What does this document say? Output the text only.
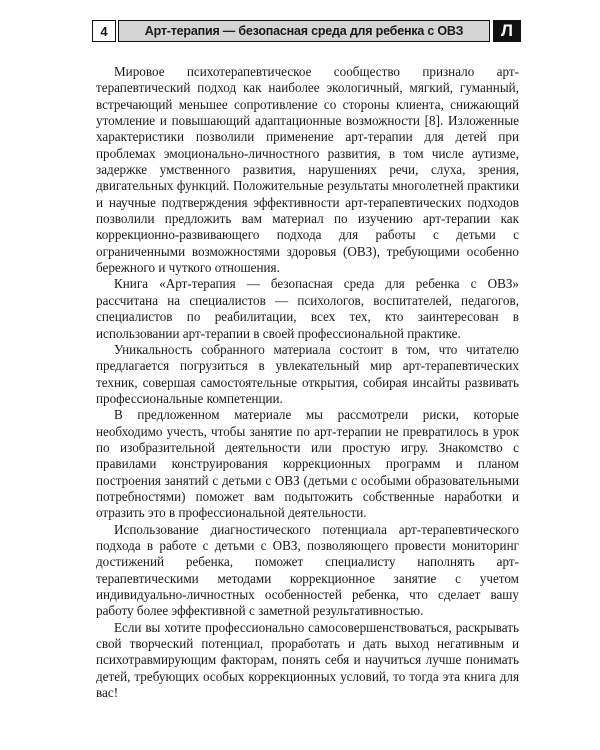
4	Арт-терапия — безопасная среда для ребенка с ОВЗ	Л

Мировое психотерапевтическое сообщество признало арт-терапевтический подход как наиболее экологичный, мягкий, гуманный, встречающий меньшее сопротивление со стороны клиента, снижающий утомление и повышающий адаптационные возможности [8]. Изложенные характеристики позволили применение арт-терапии для детей при проблемах эмоционально-личностного развития, в том числе аутизме, задержке умственного развития, нарушениях речи, слуха, зрения, двигательных функций. Положительные результаты многолетней практики и научные подтверждения эффективности арт-терапевтических подходов позволили предложить вам материал по изучению арт-терапии как коррекционно-развивающего подхода для работы с детьми с ограниченными возможностями здоровья (ОВЗ), требующими особенно бережного и чуткого отношения.

Книга «Арт-терапия — безопасная среда для ребенка с ОВЗ» рассчитана на специалистов — психологов, воспитателей, педагогов, специалистов по реабилитации, всех тех, кто заинтересован в использовании арт-терапии в своей профессиональной практике.

Уникальность собранного материала состоит в том, что читателю предлагается погрузиться в увлекательный мир арт-терапевтических техник, совершая самостоятельные открытия, собирая инсайты развивать профессиональные компетенции.

В предложенном материале мы рассмотрели риски, которые необходимо учесть, чтобы занятие по арт-терапии не превратилось в урок по изобразительной деятельности или простую игру. Знакомство с правилами конструирования коррекционных программ и планом построения занятий с детьми с ОВЗ (детьми с особыми образовательными потребностями) поможет вам подытожить собственные наработки и отразить это в профессиональной деятельности.

Использование диагностического потенциала арт-терапевтического подхода в работе с детьми с ОВЗ, позволяющего провести мониторинг достижений ребенка, поможет специалисту наполнять арт-терапевтическими методами коррекционное занятие с учетом индивидуально-личностных особенностей ребенка, что сделает вашу работу более эффективной с заметной результативностью.

Если вы хотите профессионально самосовершенствоваться, раскрывать свой творческий потенциал, проработать и дать выход негативным и психотравмирующим факторам, понять себя и научиться лучше понимать детей, требующих особых коррекционных условий, то тогда эта книга для вас!
